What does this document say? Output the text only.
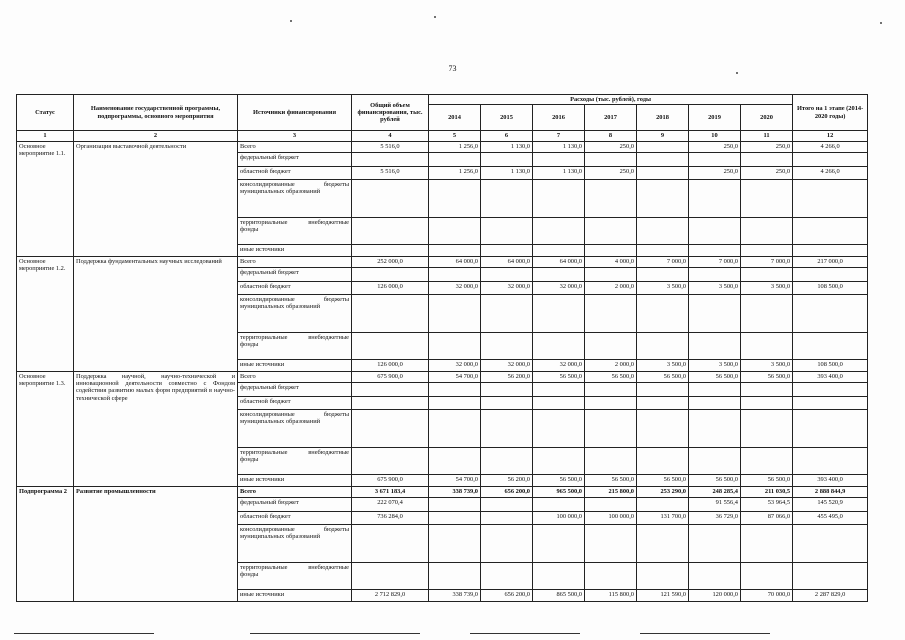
73
Статус	Наименование государственной программы, подпрограммы, основного мероприятия	Источники финансирования	Общий объем финансирования, тыс. рублей	Расходы (тыс. рублей), годы							Итого на 1 этапе (2014-2020 годы)
				2014	2015	2016	2017	2018	2019	2020	
1	2	3	4	5	6	7	8	9	10	11	12
Основное мероприятие 1.1.	Организация выставочной деятельности	Всего	5 516,0	1 256,0	1 130,0	1 130,0	250,0		250,0	250,0	4 266,0
		федеральный бюджет									
		областной бюджет	5 516,0	1 256,0	1 130,0	1 130,0	250,0		250,0	250,0	4 266,0
		консолидированные бюджеты муниципальных образований									
		территориальные внебюджетные фонды									
		иные источники									
Основное мероприятие 1.2.	Поддержка фундаментальных научных исследований	Всего	252 000,0	64 000,0	64 000,0	64 000,0	4 000,0	7 000,0	7 000,0	7 000,0	217 000,0
		федеральный бюджет									
		областной бюджет	126 000,0	32 000,0	32 000,0	32 000,0	2 000,0	3 500,0	3 500,0	3 500,0	108 500,0
		консолидированные бюджеты муниципальных образований									
		территориальные внебюджетные фонды									
		иные источники	126 000,0	32 000,0	32 000,0	32 000,0	2 000,0	3 500,0	3 500,0	3 500,0	108 500,0
Основное мероприятие 1.3.	Поддержка научной, научно-технической и инновационной деятельности совместно с Фондом содействия развитию малых форм предприятий в научно-технической сфере	Всего	675 900,0	54 700,0	56 200,0	56 500,0	56 500,0	56 500,0	56 500,0	56 500,0	393 400,0
		федеральный бюджет									
		областной бюджет									
		консолидированные бюджеты муниципальных образований									
		территориальные внебюджетные фонды									
		иные источники	675 900,0	54 700,0	56 200,0	56 500,0	56 500,0	56 500,0	56 500,0	56 500,0	393 400,0
Подпрограмма 2	Развитие промышленности	Всего	3 671 183,4	338 739,0	656 200,0	965 500,0	215 800,0	253 290,0	248 285,4	211 030,5	2 888 844,9
		федеральный бюджет	222 070,4						91 556,4	53 964,5	145 520,9
		областной бюджет	736 284,0			100 000,0	100 000,0	131 700,0	36 729,0	87 066,0	455 495,0
		консолидированные бюджеты муниципальных образований									
		территориальные внебюджетные фонды									
		иные источники	2 712 829,0	338 739,0	656 200,0	865 500,0	115 800,0	121 590,0	120 000,0	70 000,0	2 287 829,0
